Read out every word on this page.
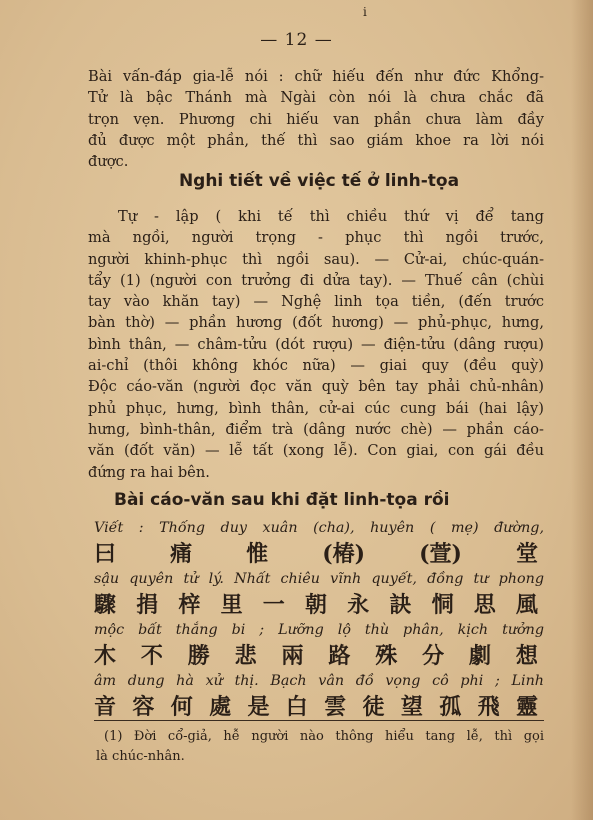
i
— 12 —
Bài vấn-đáp gia-lễ nói : chữ hiếu đến như đức Khổng-
Tử là bậc Thánh mà Ngài còn nói là chưa chắc đã
trọn vẹn. Phương chi hiếu van phần chưa làm đầy
đủ được một phần, thế thì sao giám khoe ra lời nói
được.
Nghi tiết về việc tế ở linh-tọa
Tự - lập ( khi tế thì chiều thứ vị để tang
mà ngồi, người trọng - phục thì ngồi trước,
người khinh-phục thì ngồi sau). — Cử-ai, chúc-quán-
tẩy (1) (người con trưởng đi dửa tay). — Thuế cân (chùi
tay vào khăn tay) — Nghệ linh tọa tiền, (đến trước
bàn thờ) — phần hương (đốt hương) — phủ-phục, hưng,
bình thân, — châm-tửu (dót rượu) — điện-tửu (dâng rượu)
ai-chỉ (thôi không khóc nữa) — giai quy (đều quỳ)
Độc cáo-văn (người đọc văn quỳ bên tay phải chủ-nhân)
phủ phục, hưng, bình thân, cử-ai cúc cung bái (hai lậy)
hưng, bình-thân, điểm trà (dâng nước chè) — phần cáo-
văn (đốt văn) — lễ tất (xong lễ). Con giai, con gái đều
đứng ra hai bên.
Bài cáo-văn sau khi đặt linh-tọa rồi
Viết : Thống duy xuân (cha), huyên ( mẹ) đường,
曰 痛 惟 (椿) (萱) 堂
sậu quyên tử lý. Nhất chiêu vĩnh quyết, đồng tư phong
驟 捐 梓 里 一 朝 永 訣 恫 思 風
mộc bất thắng bi ; Lưỡng lộ thù phân, kịch tưởng
木 不 勝 悲 兩 路 殊 分 劇 想
âm dung hà xử thị. Bạch vân đồ vọng cô phi ; Linh
音 容 何 處 是 白 雲 徒 望 孤 飛 靈
(1) Đời cổ-giả, hễ người nào thông hiểu tang lễ, thì gọi
là chúc-nhân.
